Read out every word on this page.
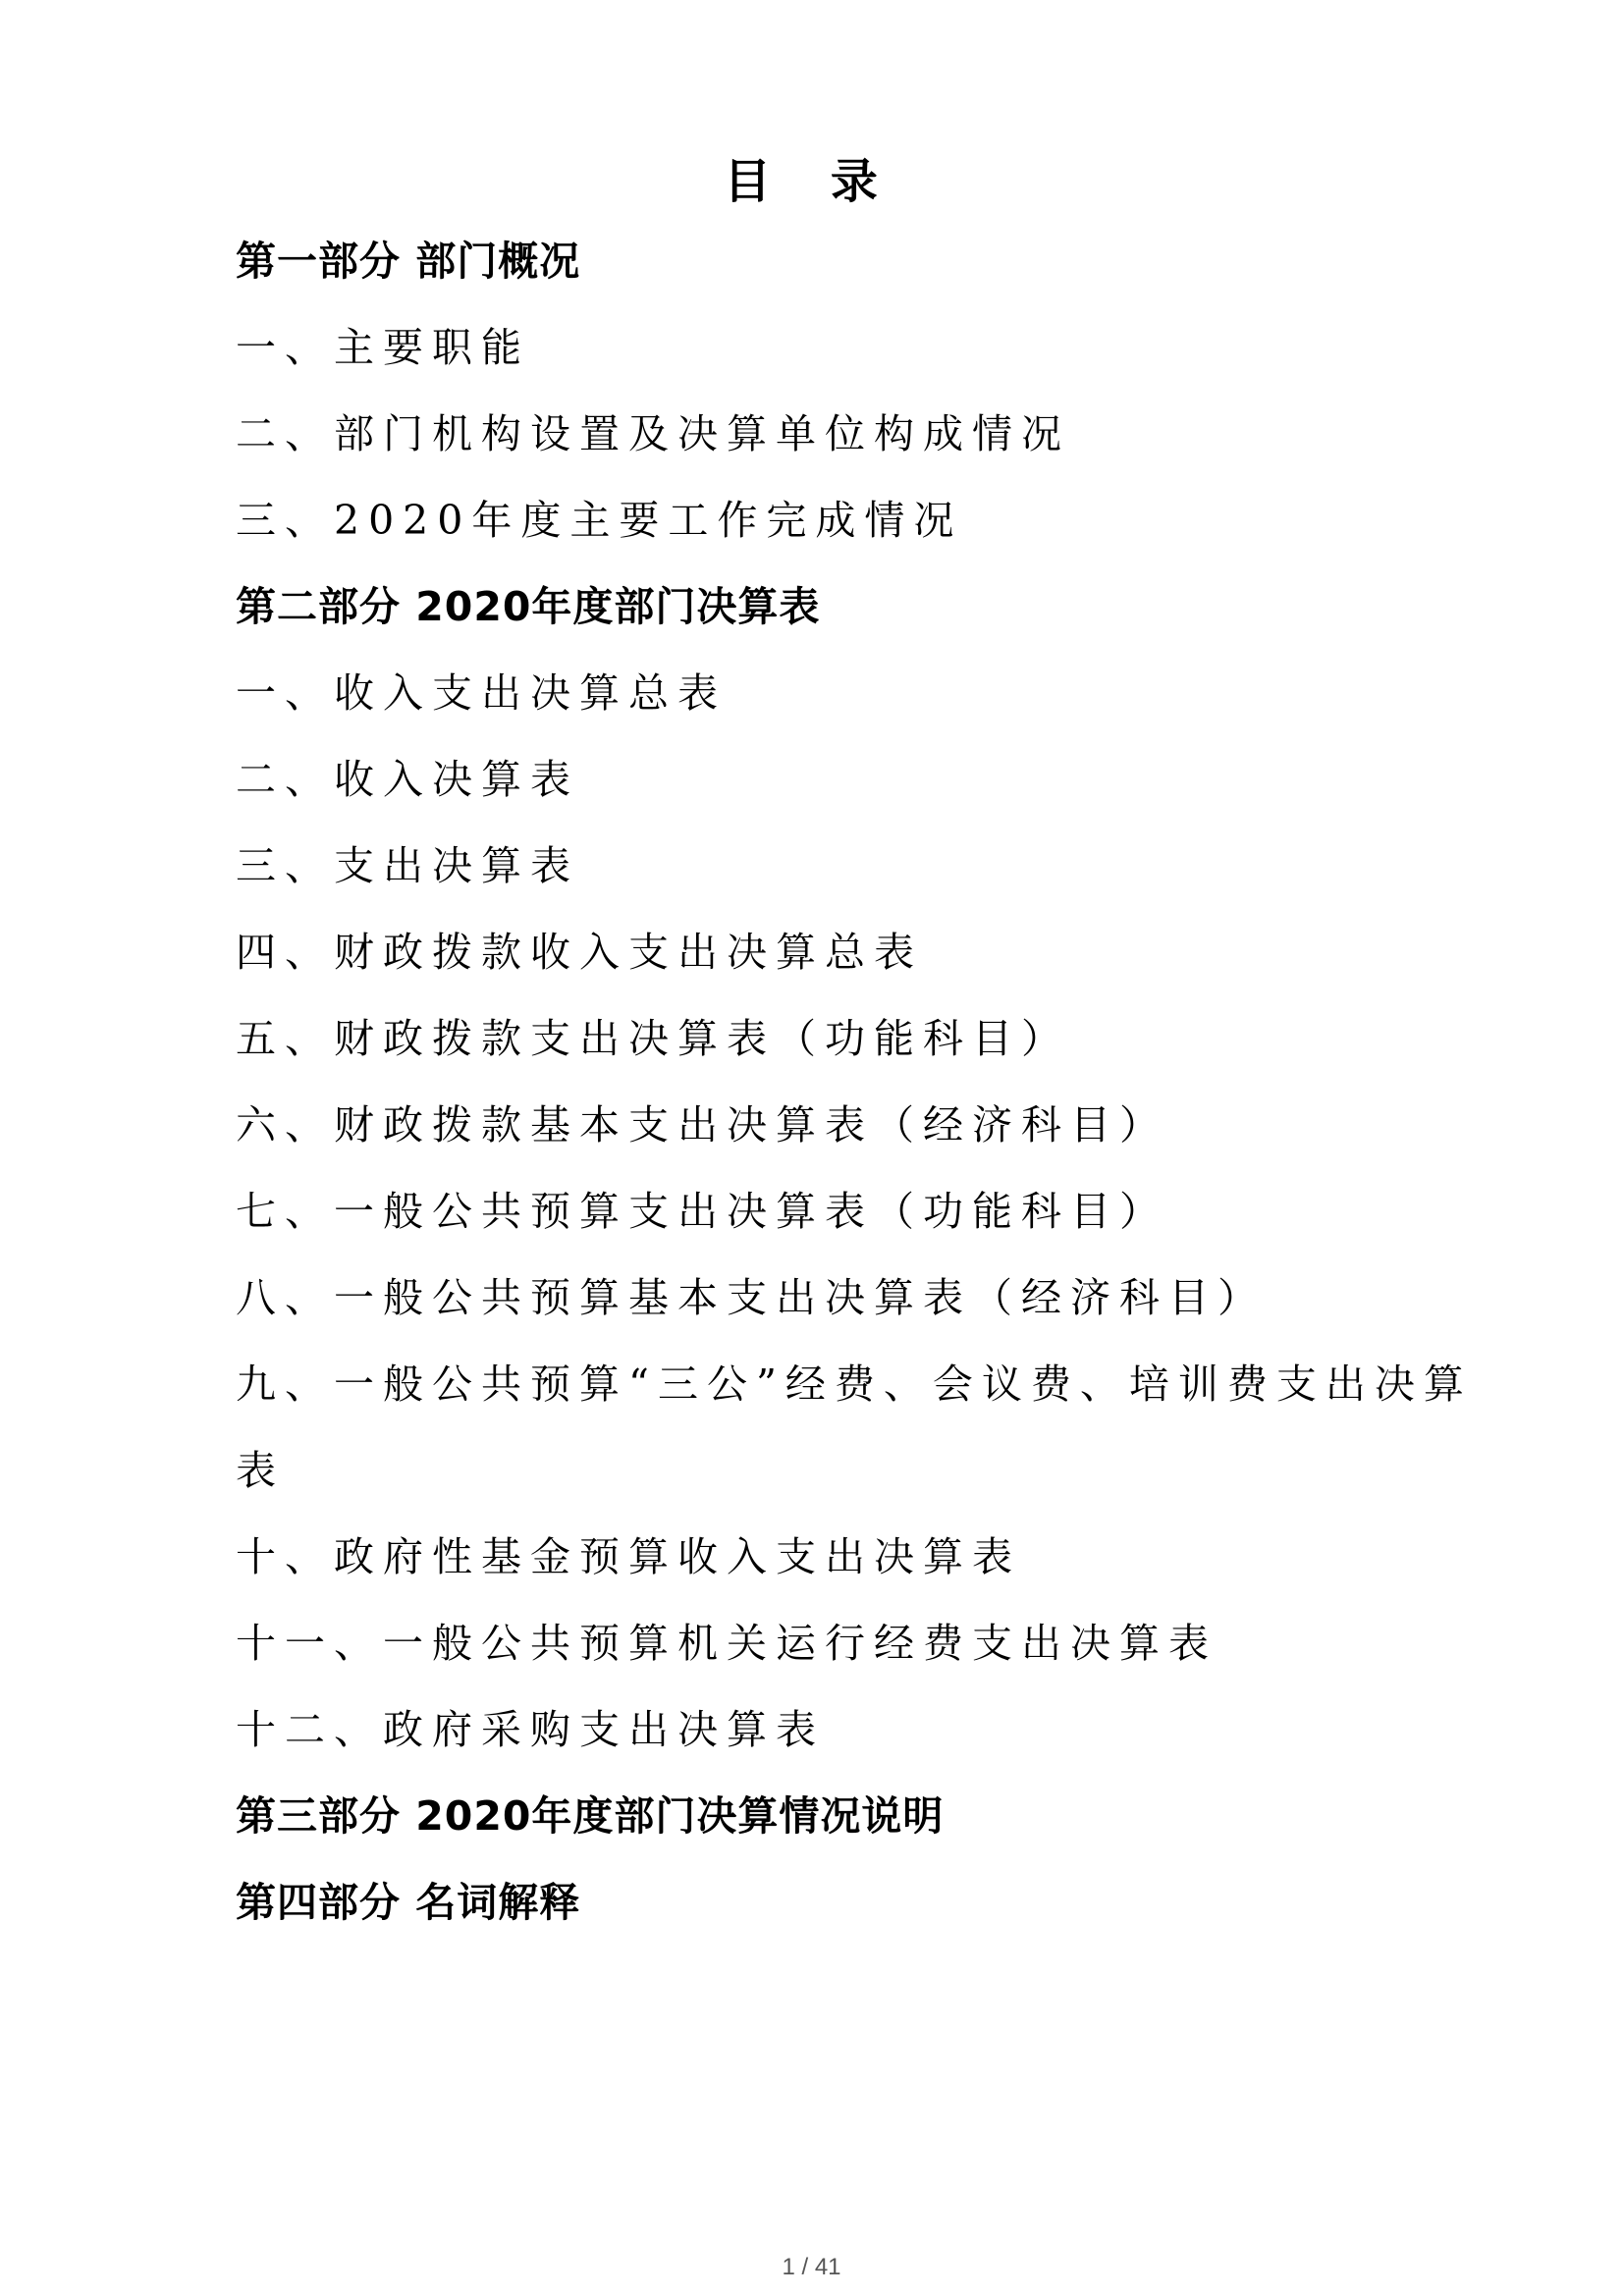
目 录
第一部分 部门概况
一、主要职能
二、部门机构设置及决算单位构成情况
三、2020年度主要工作完成情况
第二部分 2020年度部门决算表
一、收入支出决算总表
二、收入决算表
三、支出决算表
四、财政拨款收入支出决算总表
五、财政拨款支出决算表（功能科目）
六、财政拨款基本支出决算表（经济科目）
七、一般公共预算支出决算表（功能科目）
八、一般公共预算基本支出决算表（经济科目）
九、一般公共预算“三公”经费、会议费、培训费支出决算
表
十、政府性基金预算收入支出决算表
十一、一般公共预算机关运行经费支出决算表
十二、政府采购支出决算表
第三部分 2020年度部门决算情况说明
第四部分 名词解释
1 / 41
